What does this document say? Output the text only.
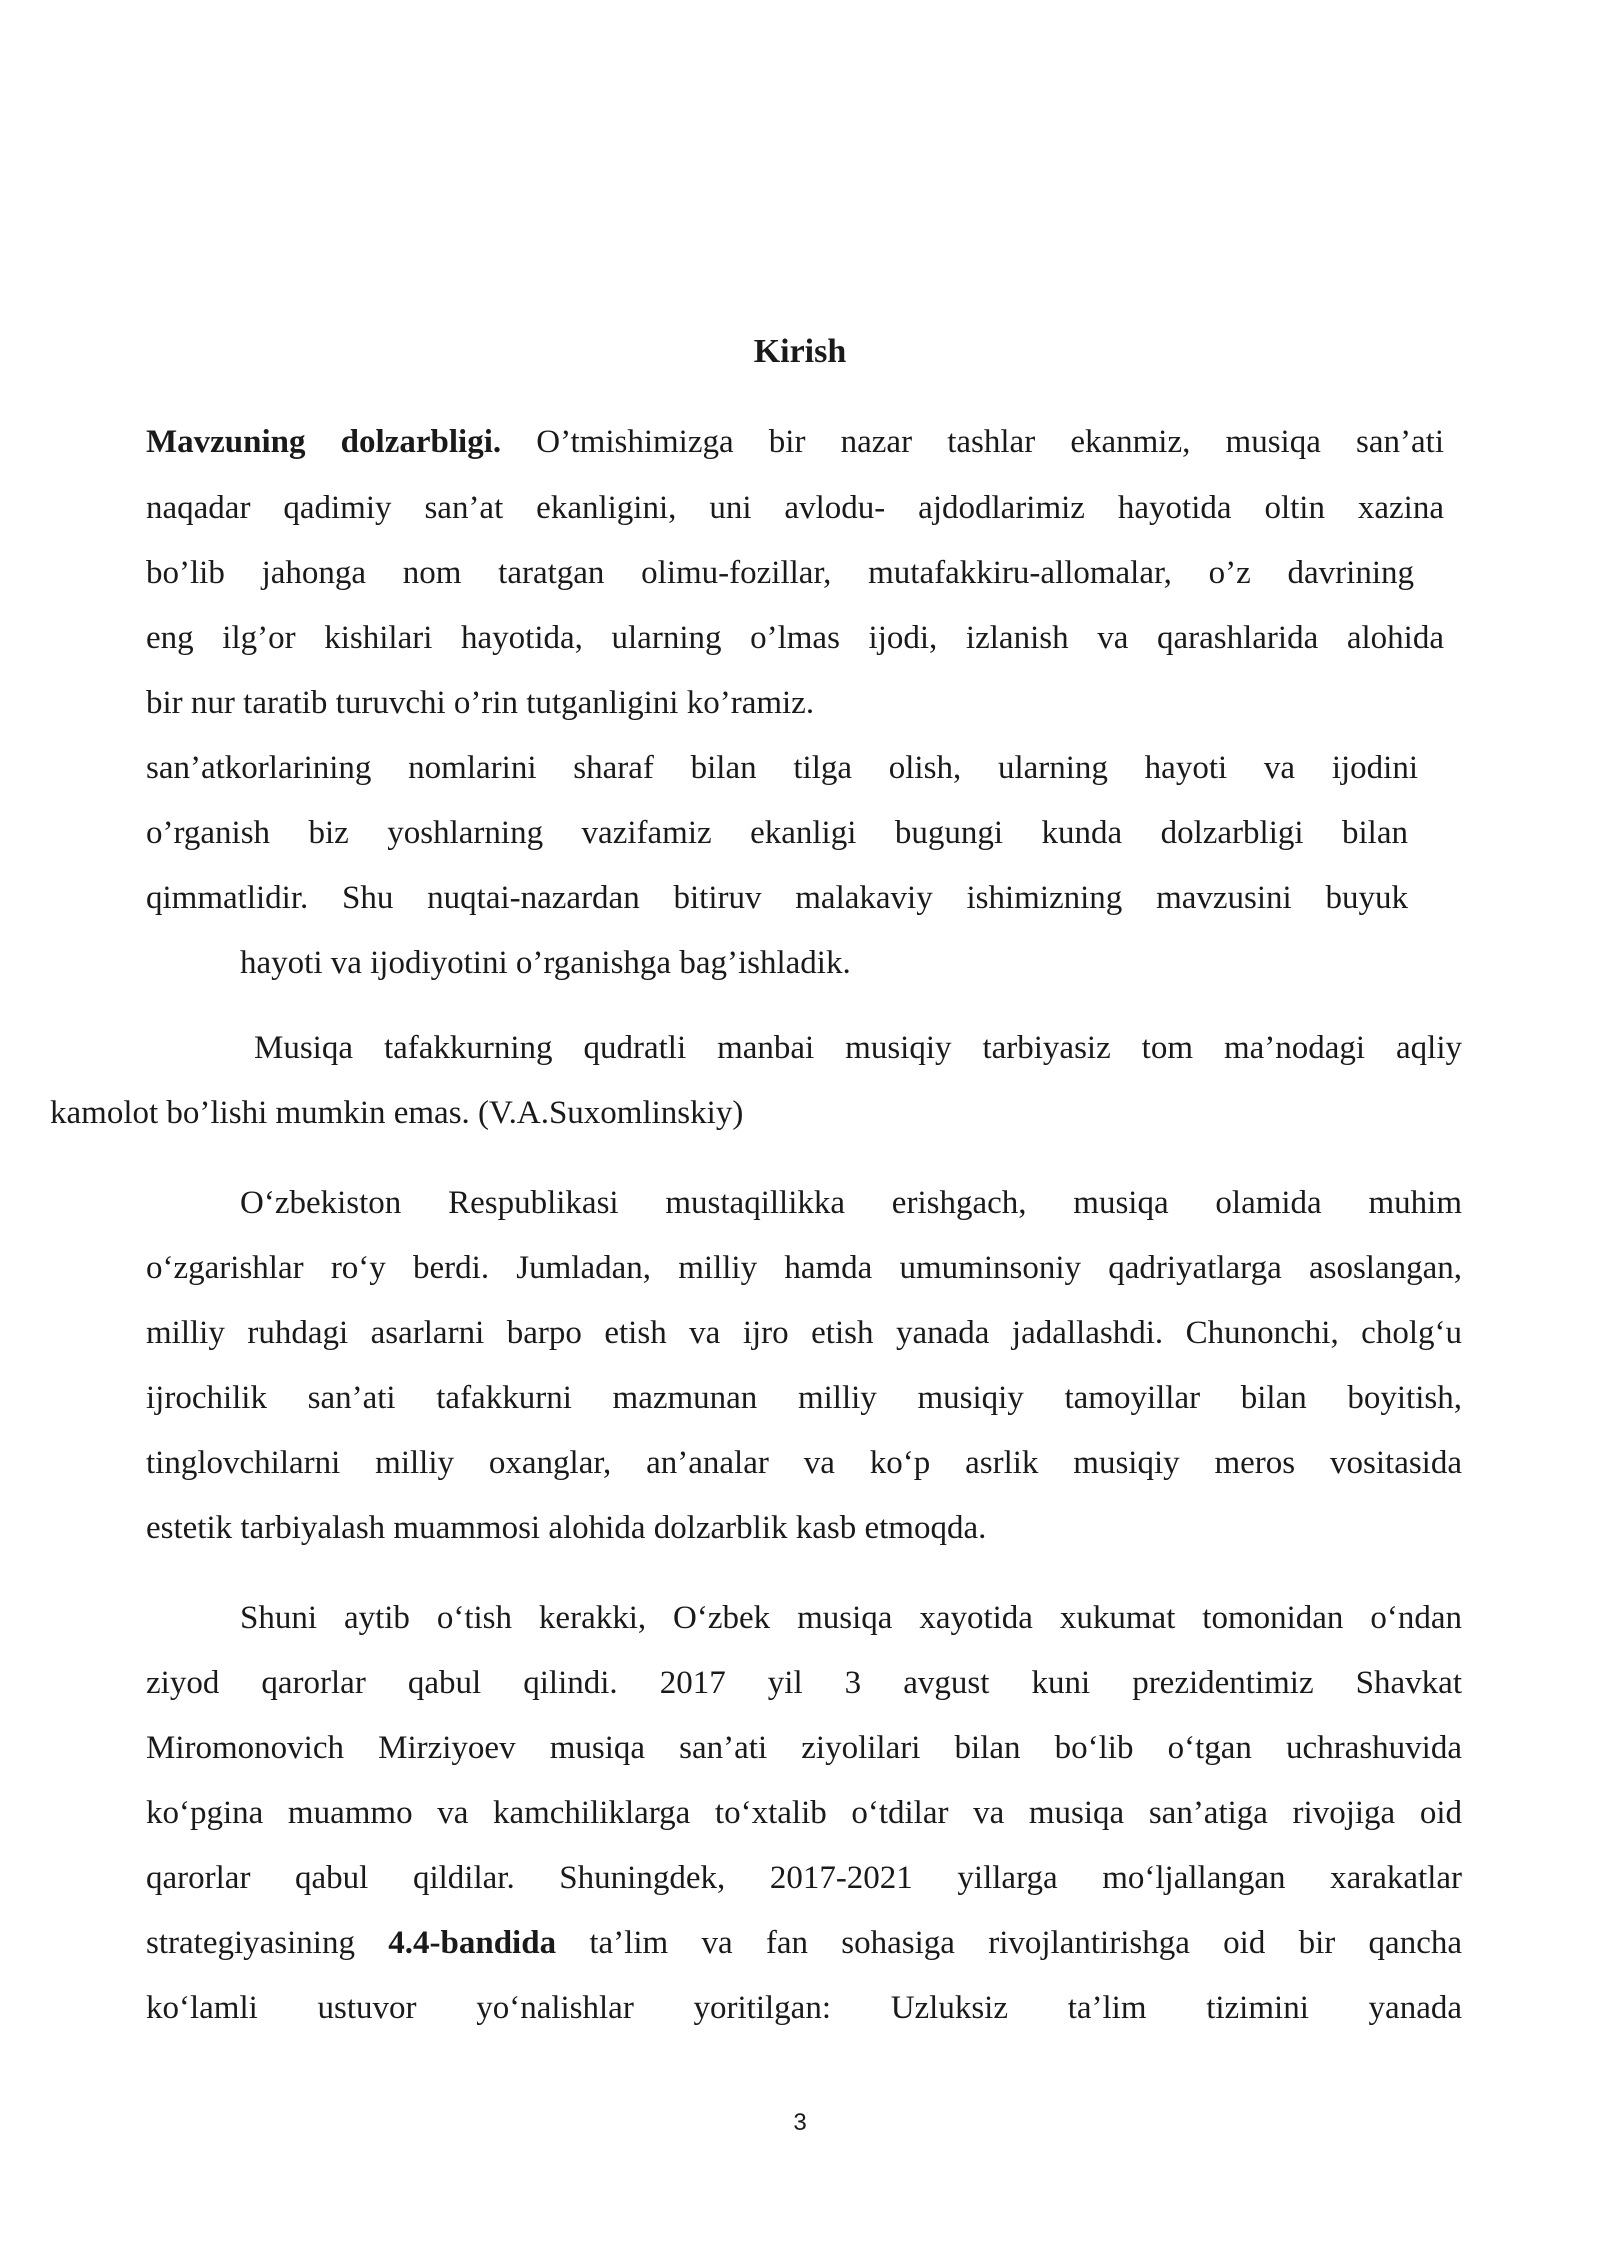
Kirish
Mavzuning dolzarbligi. O’tmishimizga bir nazar tashlar ekanmiz, musiqa san’ati
naqadar qadimiy san’at ekanligini, uni avlodu- ajdodlarimiz hayotida oltin xazina
bo’lib jahonga nom taratgan olimu-fozillar, mutafakkiru-allomalar, o’z davrining
eng ilg’or kishilari hayotida, ularning o’lmas ijodi, izlanish va qarashlarida alohida
bir nur taratib turuvchi o’rin tutganligini ko’ramiz.
san’atkorlarining nomlarini sharaf bilan tilga olish, ularning hayoti va ijodini
o’rganish biz yoshlarning vazifamiz ekanligi bugungi kunda dolzarbligi bilan
qimmatlidir. Shu nuqtai-nazardan bitiruv malakaviy ishimizning mavzusini buyuk
hayoti va ijodiyotini o’rganishga bag’ishladik.
Musiqa tafakkurning qudratli manbai musiqiy tarbiyasiz tom ma’nodagi aqliy
kamolot bo’lishi mumkin emas. (V.A.Suxomlinskiy)
O‘zbekiston Respublikasi mustaqillikka erishgach, musiqa olamida muhim
o‘zgarishlar ro‘y berdi. Jumladan, milliy hamda umuminsoniy qadriyatlarga asoslangan,
milliy ruhdagi asarlarni barpo etish va ijro etish yanada jadallashdi. Chunonchi, cholg‘u
ijrochilik san’ati tafakkurni mazmunan milliy musiqiy tamoyillar bilan boyitish,
tinglovchilarni milliy oxanglar, an’analar va ko‘p asrlik musiqiy meros vositasida
estetik tarbiyalash muammosi alohida dolzarblik kasb etmoqda.
Shuni aytib o‘tish kerakki, O‘zbek musiqa xayotida xukumat tomonidan o‘ndan
ziyod qarorlar qabul qilindi. 2017 yil 3 avgust kuni prezidentimiz Shavkat
Miromonovich Mirziyoev musiqa san’ati ziyolilari bilan bo‘lib o‘tgan uchrashuvida
ko‘pgina muammo va kamchiliklarga to‘xtalib o‘tdilar va musiqa san’atiga rivojiga oid
qarorlar qabul qildilar. Shuningdek, 2017-2021 yillarga mo‘ljallangan xarakatlar
strategiyasining 4.4-bandida ta’lim va fan sohasiga rivojlantirishga oid bir qancha
ko‘lamli ustuvor yo‘nalishlar yoritilgan: Uzluksiz ta’lim tizimini yanada
3
